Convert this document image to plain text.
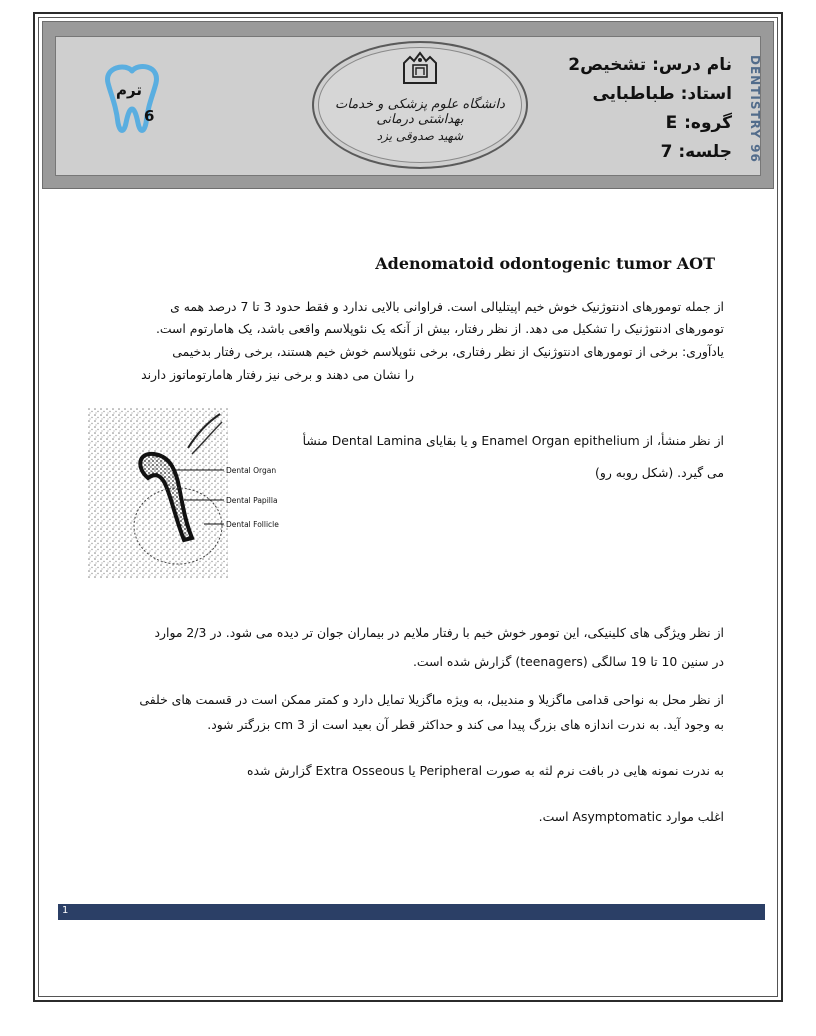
ترم
6
دانشگاه علوم پزشکی و خدمات بهداشتی درمانی
شهید صدوقی یزد
نام درس: تشخیص2
استاد: طباطبایی
گروه: E
جلسه: 7 DENTISTRY 96
Adenomatoid odontogenic tumor AOT
از جمله تومورهای ادنتوژنیک خوش خیم اپیتلیالی است. فراوانی بالایی ندارد و فقط حدود 3 تا 7 درصد همه ی
تومورهای ادنتوژنیک را تشکیل می دهد. از نظر رفتار، بیش از آنکه یک نئوپلاسم واقعی باشد، یک هامارتوم است.
یادآوری: برخی از تومورهای ادنتوژنیک از نظر رفتاری، برخی نئوپلاسم خوش خیم هستند، برخی رفتار بدخیمی
را نشان می دهند و برخی نیز رفتار هامارتوماتوز دارند
Dental Organ
Dental Papilla
Dental Follicle
از نظر منشأ، از Enamel Organ epithelium و یا بقایای Dental Lamina منشأ
می گیرد. (شکل روبه رو)
از نظر ویژگی های کلینیکی، این تومور خوش خیم با رفتار ملایم در بیماران جوان تر دیده می شود. در 2/3 موارد
در سنین 10 تا 19 سالگی (teenagers) گزارش شده است.
از نظر محل به نواحی قدامی ماگزیلا و مندیبل، به ویژه ماگزیلا تمایل دارد و کمتر ممکن است در قسمت های خلفی
به وجود آید. به ندرت اندازه های بزرگ پیدا می کند و حداکثر قطر آن بعید است از 3 cm بزرگتر شود.
به ندرت نمونه هایی در بافت نرم لثه به صورت Peripheral یا Extra Osseous گزارش شده
اغلب موارد Asymptomatic است.
1
